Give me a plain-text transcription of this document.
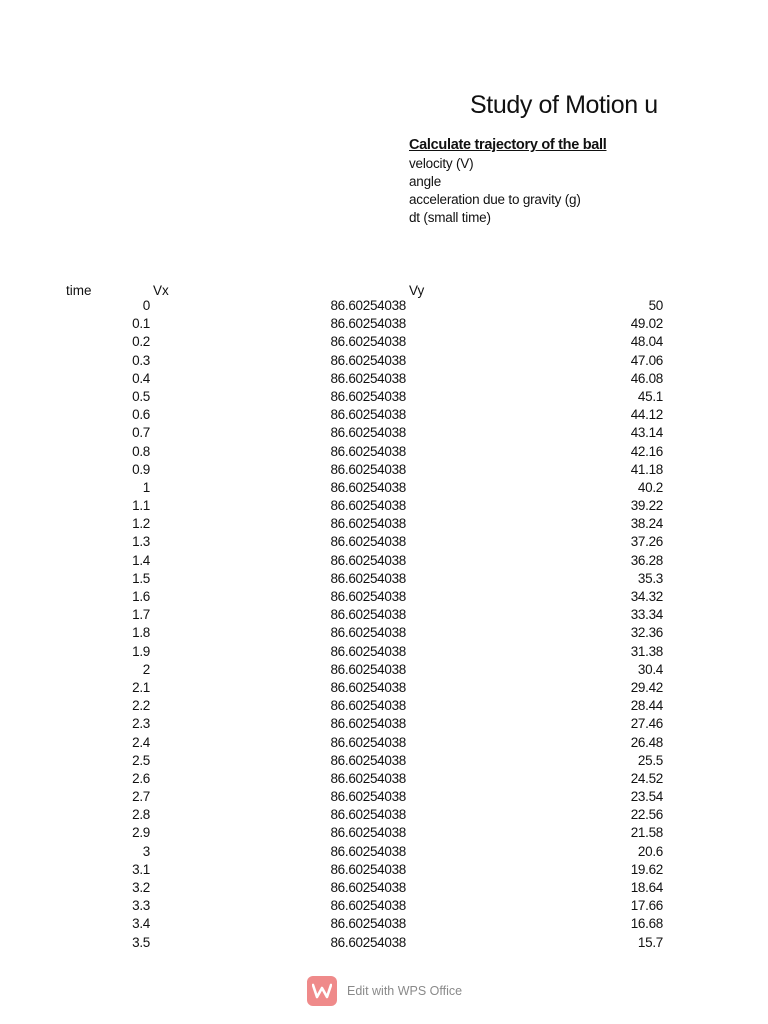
Study of Motion u
Calculate trajectory of the ball
velocity (V)
angle
acceleration due to gravity (g)
dt (small time)
time	Vx	Vy
0	86.60254038	50
0.1	86.60254038	49.02
0.2	86.60254038	48.04
0.3	86.60254038	47.06
0.4	86.60254038	46.08
0.5	86.60254038	45.1
0.6	86.60254038	44.12
0.7	86.60254038	43.14
0.8	86.60254038	42.16
0.9	86.60254038	41.18
1	86.60254038	40.2
1.1	86.60254038	39.22
1.2	86.60254038	38.24
1.3	86.60254038	37.26
1.4	86.60254038	36.28
1.5	86.60254038	35.3
1.6	86.60254038	34.32
1.7	86.60254038	33.34
1.8	86.60254038	32.36
1.9	86.60254038	31.38
2	86.60254038	30.4
2.1	86.60254038	29.42
2.2	86.60254038	28.44
2.3	86.60254038	27.46
2.4	86.60254038	26.48
2.5	86.60254038	25.5
2.6	86.60254038	24.52
2.7	86.60254038	23.54
2.8	86.60254038	22.56
2.9	86.60254038	21.58
3	86.60254038	20.6
3.1	86.60254038	19.62
3.2	86.60254038	18.64
3.3	86.60254038	17.66
3.4	86.60254038	16.68
3.5	86.60254038	15.7
Edit with WPS Office
